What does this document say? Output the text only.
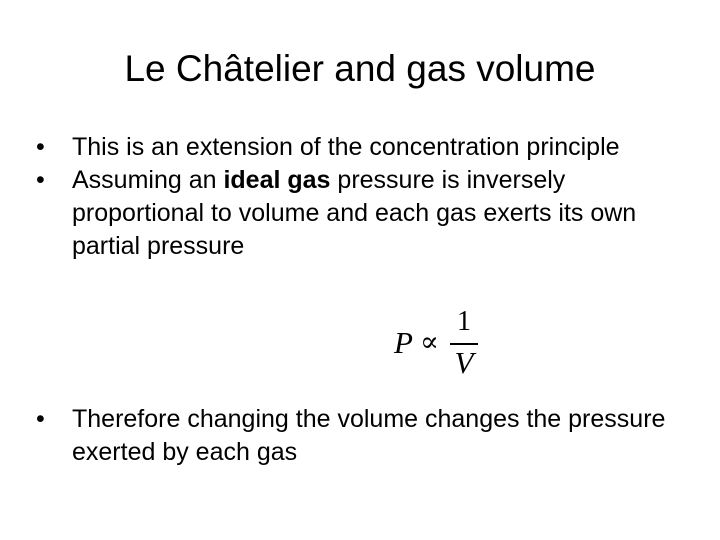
Le Châtelier and gas volume
•	This is an extension of the concentration principle
•	Assuming an ideal gas pressure is inversely proportional to volume and each gas exerts its own partial pressure
P ∝
1
V
•	Therefore changing the volume changes the pressure exerted by each gas
